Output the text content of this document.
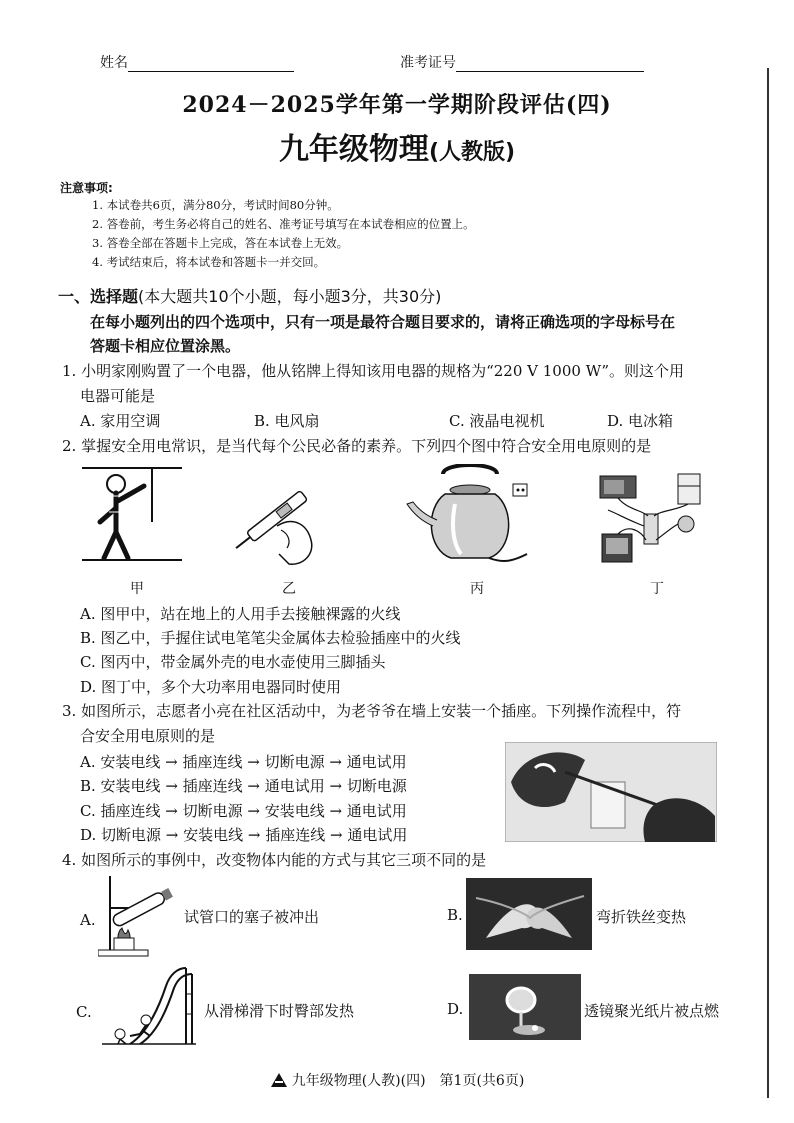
姓名	准考证号
2024－2025学年第一学期阶段评估(四)
九年级物理(人教版)
注意事项:
1. 本试卷共6页，满分80分，考试时间80分钟。
2. 答卷前，考生务必将自己的姓名、准考证号填写在本试卷相应的位置上。
3. 答卷全部在答题卡上完成，答在本试卷上无效。
4. 考试结束后，将本试卷和答题卡一并交回。
一、选择题(本大题共10个小题，每小题3分，共30分)
在每小题列出的四个选项中，只有一项是最符合题目要求的，请将正确选项的字母标号在
答题卡相应位置涂黑。
1. 小明家刚购置了一个电器，他从铭牌上得知该用电器的规格为“220 V 1000 W”。则这个用
电器可能是
A. 家用空调	B. 电风扇	C. 液晶电视机	D. 电冰箱
2. 掌握安全用电常识，是当代每个公民必备的素养。下列四个图中符合安全用电原则的是
甲	乙	丙	丁
A. 图甲中，站在地上的人用手去接触裸露的火线
B. 图乙中，手握住试电笔笔尖金属体去检验插座中的火线
C. 图丙中，带金属外壳的电水壶使用三脚插头
D. 图丁中，多个大功率用电器同时使用
3. 如图所示，志愿者小亮在社区活动中，为老爷爷在墙上安装一个插座。下列操作流程中，符
合安全用电原则的是
A. 安装电线 → 插座连线 → 切断电源 → 通电试用
B. 安装电线 → 插座连线 → 通电试用 → 切断电源
C. 插座连线 → 切断电源 → 安装电线 → 通电试用
D. 切断电源 → 安装电线 → 插座连线 → 通电试用
4. 如图所示的事例中，改变物体内能的方式与其它三项不同的是
A.	试管口的塞子被冲出	B.	弯折铁丝变热
C.	从滑梯滑下时臀部发热	D.	透镜聚光纸片被点燃
九年级物理(人教)(四)　第1页(共6页)
